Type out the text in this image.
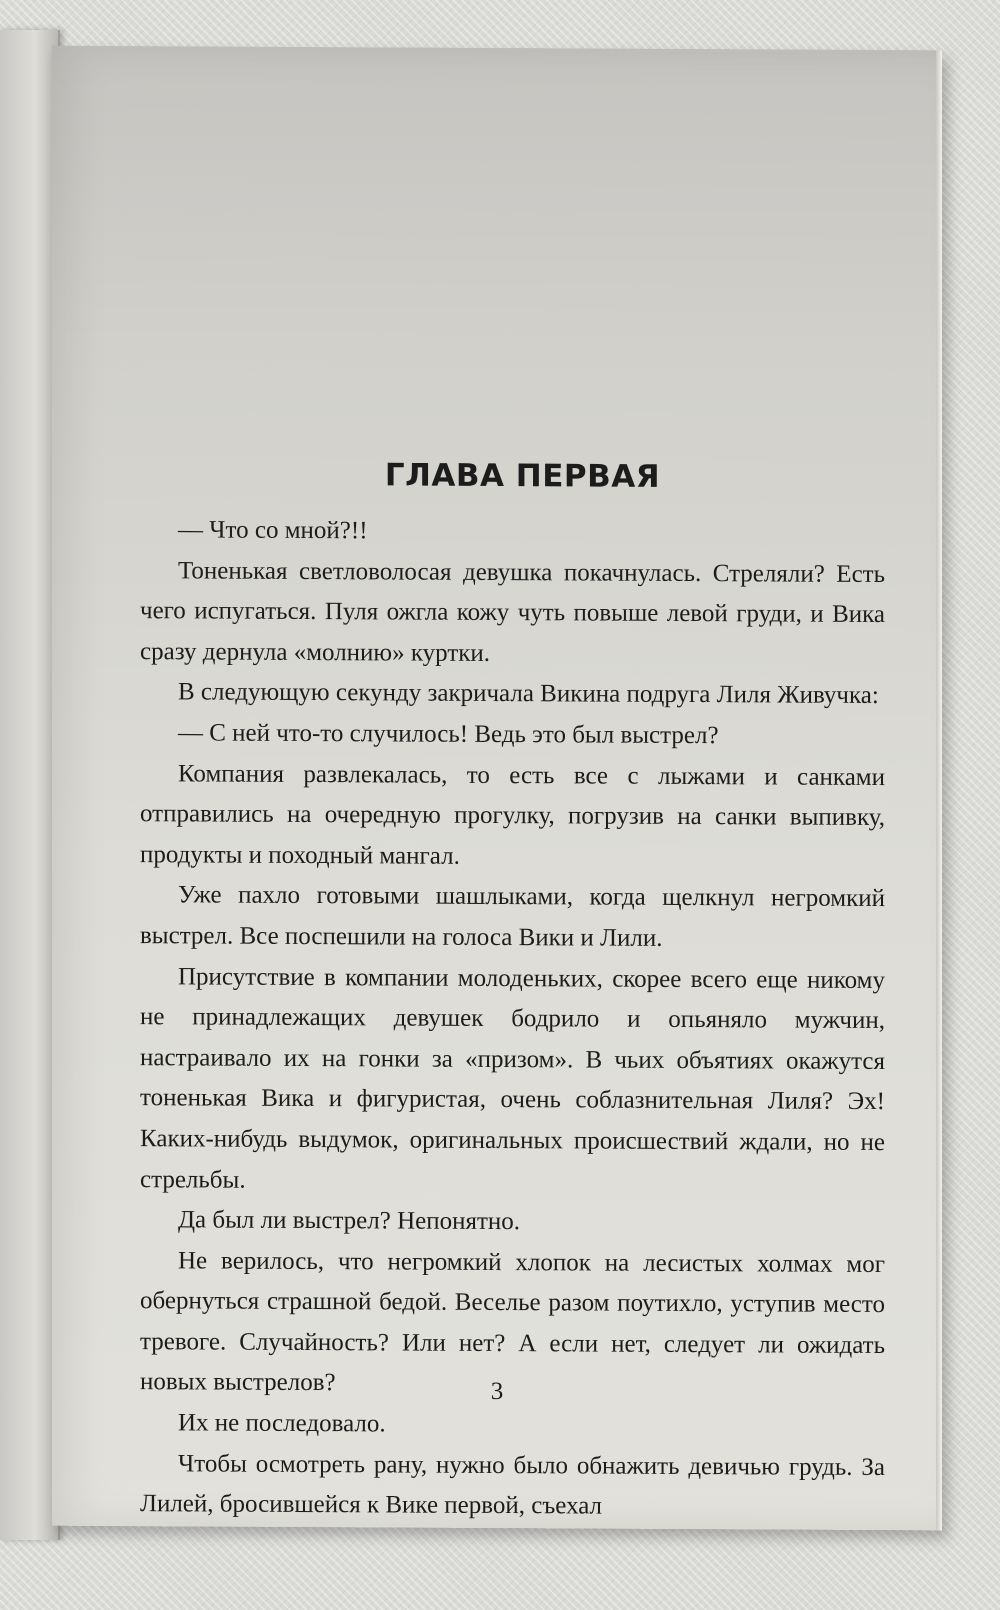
ГЛАВА ПЕРВАЯ

— Что со мной?!!

Тоненькая светловолосая девушка покачнулась. Стреляли? Есть чего испугаться. Пуля ожгла кожу чуть повыше левой груди, и Вика сразу дернула «молнию» куртки.

В следующую секунду закричала Викина подруга Лиля Живучка:

— С ней что-то случилось! Ведь это был выстрел?

Компания развлекалась, то есть все с лыжами и санками отправились на очередную прогулку, погрузив на санки выпивку, продукты и походный мангал.

Уже пахло готовыми шашлыками, когда щелкнул негромкий выстрел. Все поспешили на голоса Вики и Лили.

Присутствие в компании молоденьких, скорее всего еще никому не принадлежащих девушек бодрило и опьяняло мужчин, настраивало их на гонки за «призом». В чьих объятиях окажутся тоненькая Вика и фигуристая, очень соблазнительная Лиля? Эх! Каких-нибудь выдумок, оригинальных происшествий ждали, но не стрельбы.

Да был ли выстрел? Непонятно.

Не верилось, что негромкий хлопок на лесистых холмах мог обернуться страшной бедой. Веселье разом поутихло, уступив место тревоге. Случайность? Или нет? А если нет, следует ли ожидать новых выстрелов?

Их не последовало.

Чтобы осмотреть рану, нужно было обнажить девичью грудь. За Лилей, бросившейся к Вике первой, съехал

3
